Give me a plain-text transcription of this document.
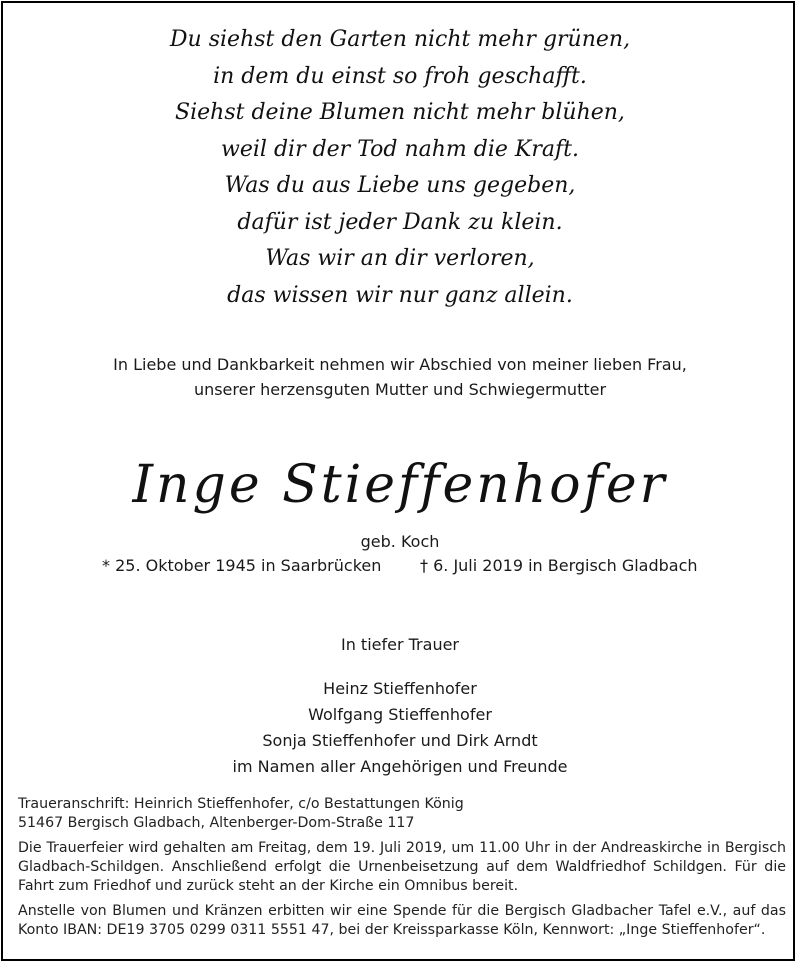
Du siehst den Garten nicht mehr grünen,
in dem du einst so froh geschafft.
Siehst deine Blumen nicht mehr blühen,
weil dir der Tod nahm die Kraft.
Was du aus Liebe uns gegeben,
dafür ist jeder Dank zu klein.
Was wir an dir verloren,
das wissen wir nur ganz allein.
In Liebe und Dankbarkeit nehmen wir Abschied von meiner lieben Frau,
unserer herzensguten Mutter und Schwiegermutter
Inge Stieffenhofer
geb. Koch
* 25. Oktober 1945 in Saarbrücken † 6. Juli 2019 in Bergisch Gladbach
In tiefer Trauer
Heinz Stieffenhofer
Wolfgang Stieffenhofer
Sonja Stieffenhofer und Dirk Arndt
im Namen aller Angehörigen und Freunde

Traueranschrift: Heinrich Stieffenhofer, c/o Bestattungen König
51467 Bergisch Gladbach, Altenberger-Dom-Straße 117

Die Trauerfeier wird gehalten am Freitag, dem 19. Juli 2019, um 11.00 Uhr in der Andreaskirche in Bergisch Gladbach-Schildgen. Anschließend erfolgt die Urnenbeisetzung auf dem Waldfriedhof Schildgen. Für die Fahrt zum Friedhof und zurück steht an der Kirche ein Omnibus bereit.

Anstelle von Blumen und Kränzen erbitten wir eine Spende für die Bergisch Gladbacher Tafel e.V., auf das Konto IBAN: DE19 3705 0299 0311 5551 47, bei der Kreissparkasse Köln, Kennwort: „Inge Stieffenhofer“.
